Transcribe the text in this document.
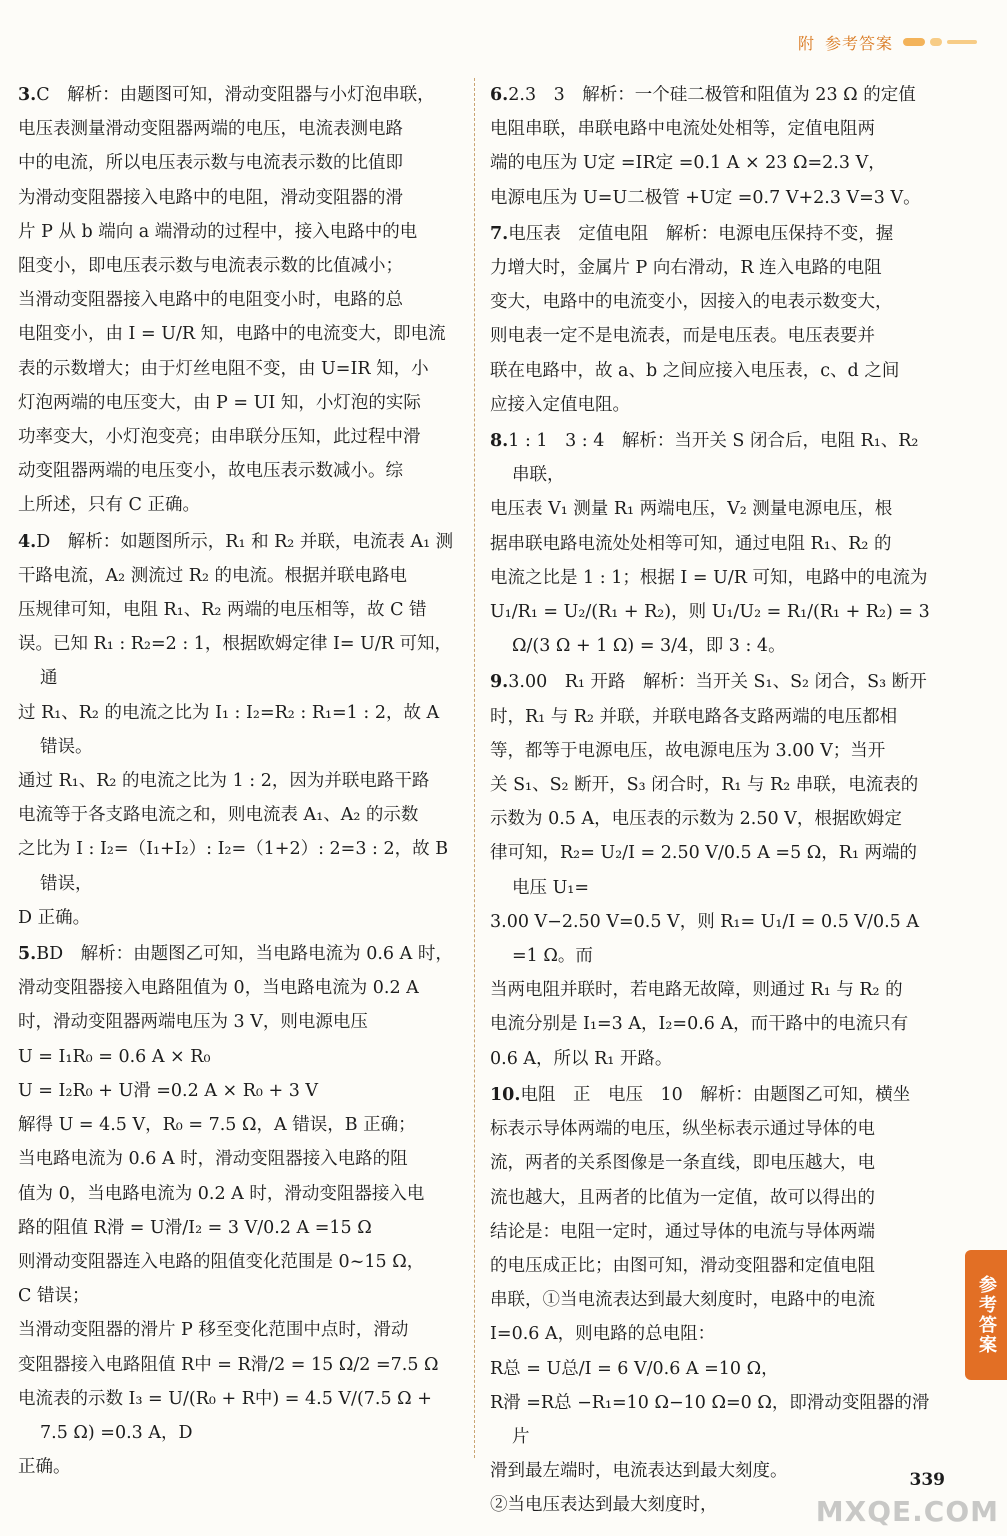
附 参考答案
3.C　解析：由题图可知，滑动变阻器与小灯泡串联，

电压表测量滑动变阻器两端的电压，电流表测电路
中的电流，所以电压表示数与电流表示数的比值即
为滑动变阻器接入电路中的电阻，滑动变阻器的滑
片 P 从 b 端向 a 端滑动的过程中，接入电路中的电
阻变小，即电压表示数与电流表示数的比值减小；
当滑动变阻器接入电路中的电阻变小时，电路的总
电阻变小，由 I = U/R 知，电路中的电流变大，即电流
表的示数增大；由于灯丝电阻不变，由 U=IR 知，小
灯泡两端的电压变大，由 P = UI 知，小灯泡的实际
功率变大，小灯泡变亮；由串联分压知，此过程中滑
动变阻器两端的电压变小，故电压表示数减小。综
上所述，只有 C 正确。
4.D　解析：如题图所示，R₁ 和 R₂ 并联，电流表 A₁ 测

干路电流，A₂ 测流过 R₂ 的电流。根据并联电路电
压规律可知，电阻 R₁、R₂ 两端的电压相等，故 C 错
误。已知 R₁ : R₂=2 : 1，根据欧姆定律 I= U/R 可知，通
过 R₁、R₂ 的电流之比为 I₁ : I₂=R₂ : R₁=1 : 2，故 A 错误。
通过 R₁、R₂ 的电流之比为 1 : 2，因为并联电路干路
电流等于各支路电流之和，则电流表 A₁、A₂ 的示数
之比为 I : I₂=（I₁+I₂）: I₂=（1+2）: 2=3 : 2，故 B 错误，
D 正确。
5.BD　解析：由题图乙可知，当电路电流为 0.6 A 时，

滑动变阻器接入电路阻值为 0，当电路电流为 0.2 A
时，滑动变阻器两端电压为 3 V，则电源电压
U = I₁R₀ = 0.6 A × R₀
U = I₂R₀ + U滑 =0.2 A × R₀ + 3 V
解得 U = 4.5 V，R₀ = 7.5 Ω，A 错误，B 正确；
当电路电流为 0.6 A 时，滑动变阻器接入电路的阻
值为 0，当电路电流为 0.2 A 时，滑动变阻器接入电
路的阻值 R滑 = U滑/I₂ = 3 V/0.2 A =15 Ω
则滑动变阻器连入电路的阻值变化范围是 0~15 Ω，
C 错误；
当滑动变阻器的滑片 P 移至变化范围中点时，滑动
变阻器接入电路阻值 R中 = R滑/2 = 15 Ω/2 =7.5 Ω
电流表的示数 I₃ = U/(R₀ + R中) = 4.5 V/(7.5 Ω + 7.5 Ω) =0.3 A，D
正确。
6.2.3　3　解析：一个硅二极管和阻值为 23 Ω 的定值

电阻串联，串联电路中电流处处相等，定值电阻两
端的电压为 U定 =IR定 =0.1 A × 23 Ω=2.3 V，
电源电压为 U=U二极管 +U定 =0.7 V+2.3 V=3 V。
7.电压表　定值电阻　解析：电源电压保持不变，握

力增大时，金属片 P 向右滑动，R 连入电路的电阻
变大，电路中的电流变小，因接入的电表示数变大，
则电表一定不是电流表，而是电压表。电压表要并
联在电路中，故 a、b 之间应接入电压表，c、d 之间
应接入定值电阻。
8.1 : 1　3 : 4　解析：当开关 S 闭合后，电阻 R₁、R₂ 串联，

电压表 V₁ 测量 R₁ 两端电压，V₂ 测量电源电压，根
据串联电路电流处处相等可知，通过电阻 R₁、R₂ 的
电流之比是 1 : 1；根据 I = U/R 可知，电路中的电流为
U₁/R₁ = U₂/(R₁ + R₂)，则 U₁/U₂ = R₁/(R₁ + R₂) = 3 Ω/(3 Ω + 1 Ω) = 3/4，即 3 : 4。
9.3.00　R₁ 开路　解析：当开关 S₁、S₂ 闭合，S₃ 断开

时，R₁ 与 R₂ 并联，并联电路各支路两端的电压都相
等，都等于电源电压，故电源电压为 3.00 V；当开
关 S₁、S₂ 断开，S₃ 闭合时，R₁ 与 R₂ 串联，电流表的
示数为 0.5 A，电压表的示数为 2.50 V，根据欧姆定
律可知，R₂= U₂/I = 2.50 V/0.5 A =5 Ω，R₁ 两端的电压 U₁=
3.00 V−2.50 V=0.5 V，则 R₁= U₁/I = 0.5 V/0.5 A =1 Ω。而
当两电阻并联时，若电路无故障，则通过 R₁ 与 R₂ 的
电流分别是 I₁=3 A，I₂=0.6 A，而干路中的电流只有
0.6 A，所以 R₁ 开路。
10.电阻　正　电压　10　解析：由题图乙可知，横坐

标表示导体两端的电压，纵坐标表示通过导体的电
流，两者的关系图像是一条直线，即电压越大，电
流也越大，且两者的比值为一定值，故可以得出的
结论是：电阻一定时，通过导体的电流与导体两端
的电压成正比；由图可知，滑动变阻器和定值电阻
串联，①当电流表达到最大刻度时，电路中的电流
I=0.6 A，则电路的总电阻：
R总 = U总/I = 6 V/0.6 A =10 Ω，
R滑 =R总 −R₁=10 Ω−10 Ω=0 Ω，即滑动变阻器的滑片
滑到最左端时，电流表达到最大刻度。
②当电压表达到最大刻度时，
参考答案
339
MXQE.COM
